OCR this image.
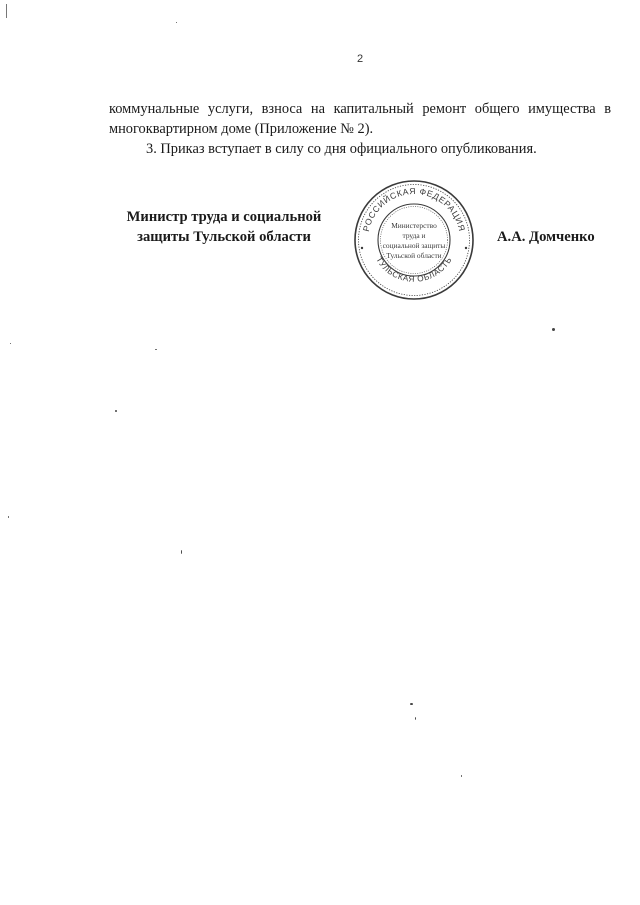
2

коммунальные услуги, взноса на капитальный ремонт общего имущества в
многоквартирном доме (Приложение № 2).

3. Приказ вступает в силу со дня официального опубликования.

Министр труда и социальной
защиты Тульской области
РОССИЙСКАЯ ФЕДЕРАЦИЯ
ТУЛЬСКАЯ ОБЛАСТЬ
Министерство
труда и
социальной защиты
Тульской области
А.А. Домченко
